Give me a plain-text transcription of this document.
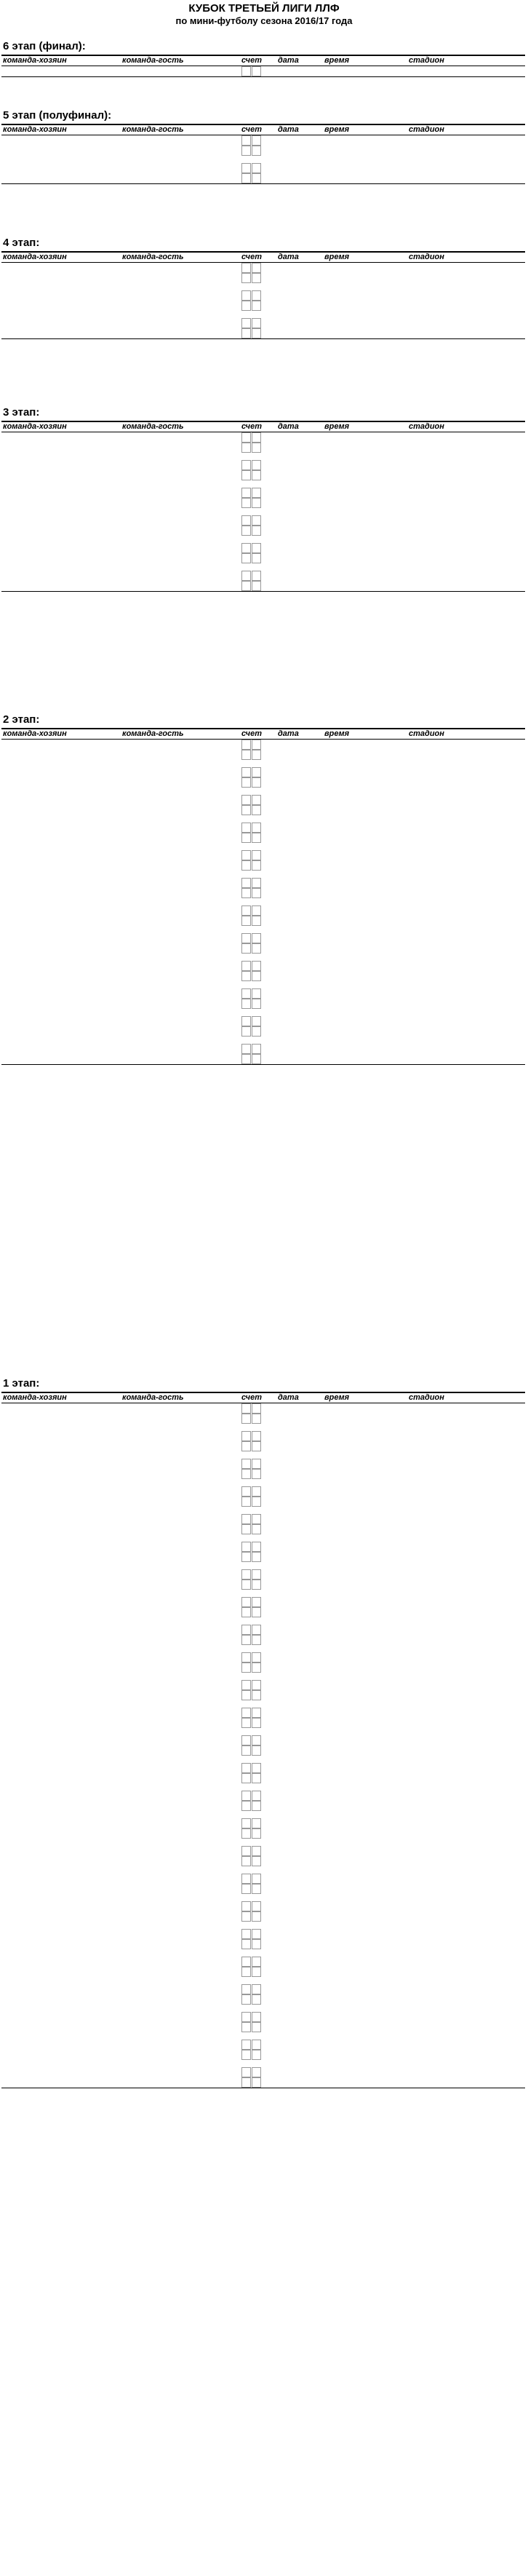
КУБОК ТРЕТЬЕЙ ЛИГИ ЛЛФ
по мини-футболу сезона 2016/17 года
6 этап (финал):
команда-хозяин	команда-гость	счет дата	время	стадион
5 этап (полуфинал):
команда-хозяин	команда-гость	счет дата	время	стадион
4 этап:
команда-хозяин	команда-гость	счет дата	время	стадион
3 этап:
команда-хозяин	команда-гость	счет дата	время	стадион
2 этап:
команда-хозяин	команда-гость	счет дата	время	стадион
1 этап:
команда-хозяин	команда-гость	счет дата	время	стадион
